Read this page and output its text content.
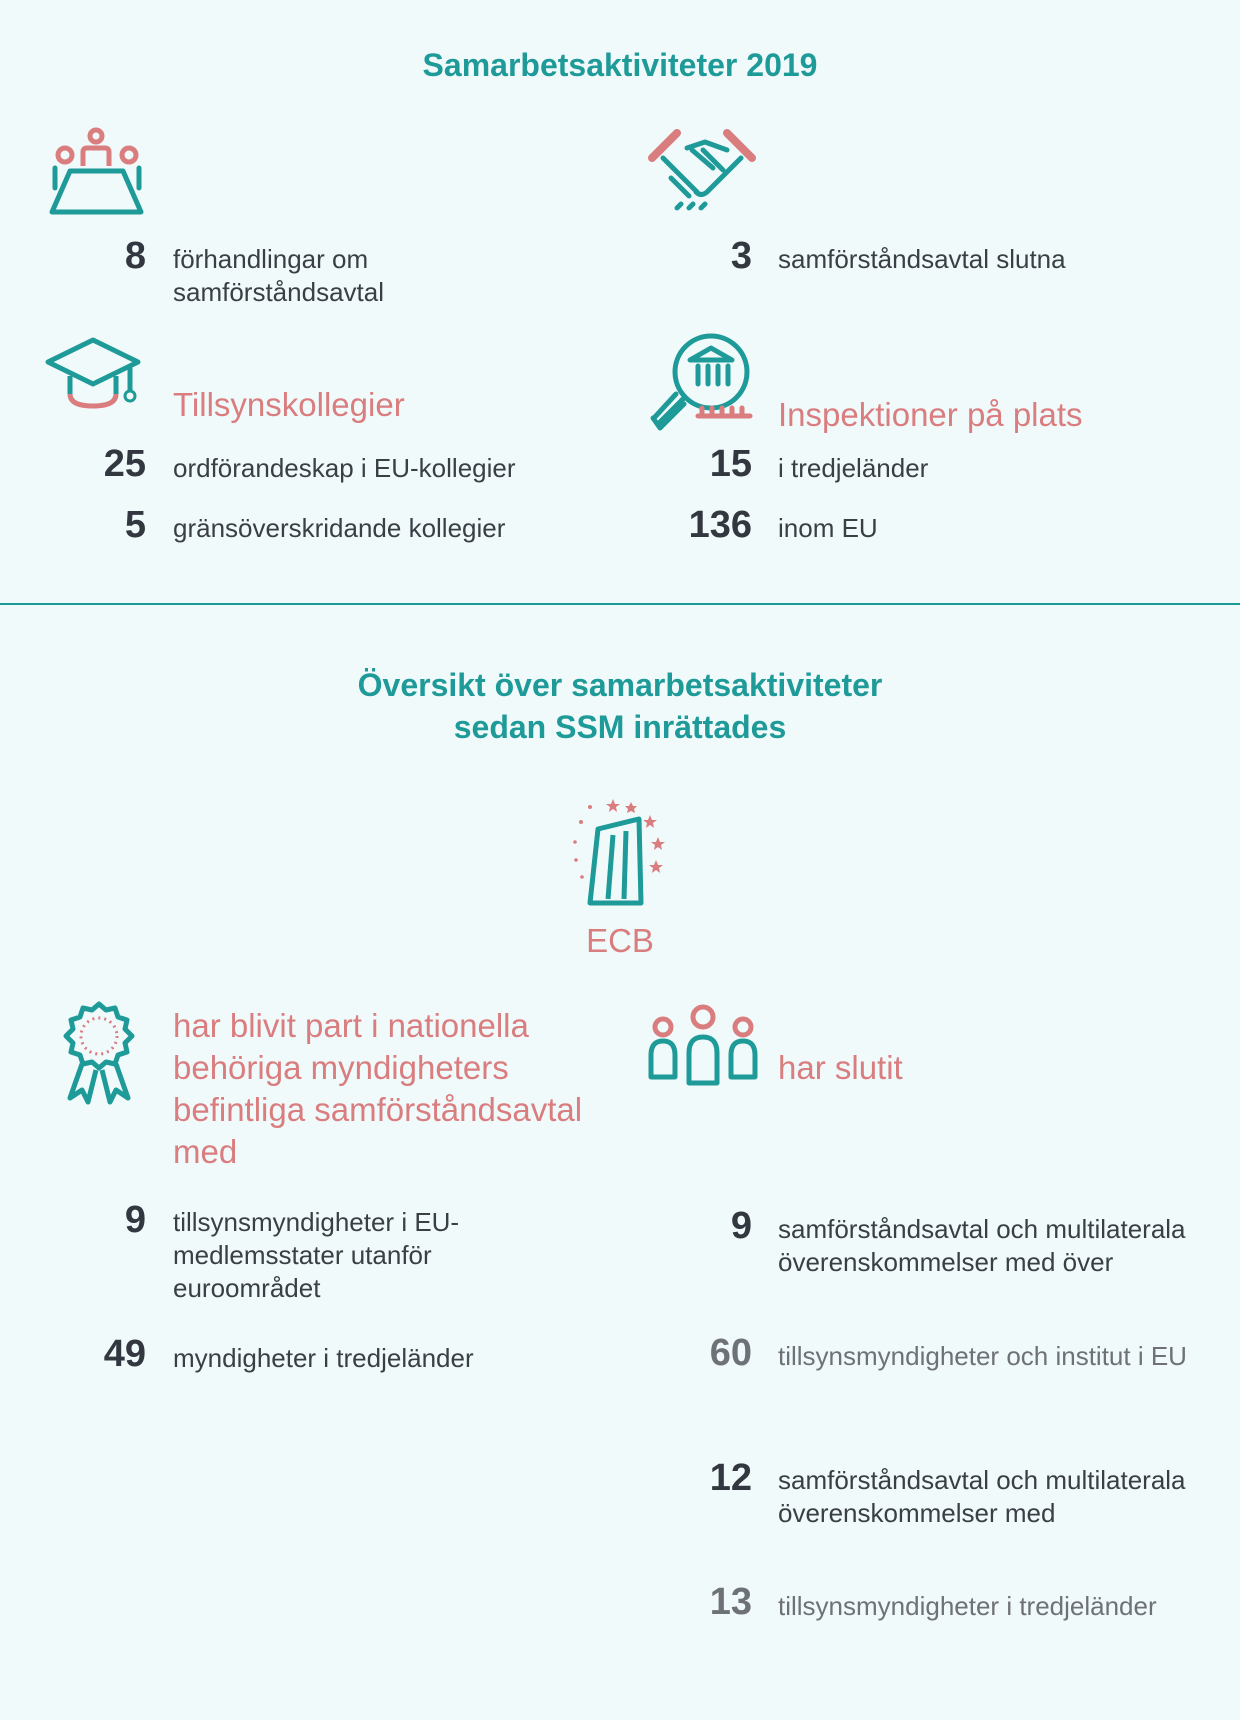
Samarbetsaktiviteter 2019
8 förhandlingar om samförståndsavtal
3 samförståndsavtal slutna
Tillsynskollegier	Inspektioner på plats
25 ordförandeskap i EU-kollegier
5 gränsöverskridande kollegier
15 i tredjeländer
136 inom EU
Översikt över samarbetsaktiviteter
sedan SSM inrättades
ECB
har blivit part i nationella behöriga myndigheters befintliga samförståndsavtal med
har slutit
9 tillsynsmyndigheter i EU-medlemsstater utanför euroområdet
49 myndigheter i tredjeländer
9 samförståndsavtal och multilaterala överenskommelser med över
60 tillsynsmyndigheter och institut i EU
12 samförståndsavtal och multilaterala överenskommelser med
13 tillsynsmyndigheter i tredjeländer
